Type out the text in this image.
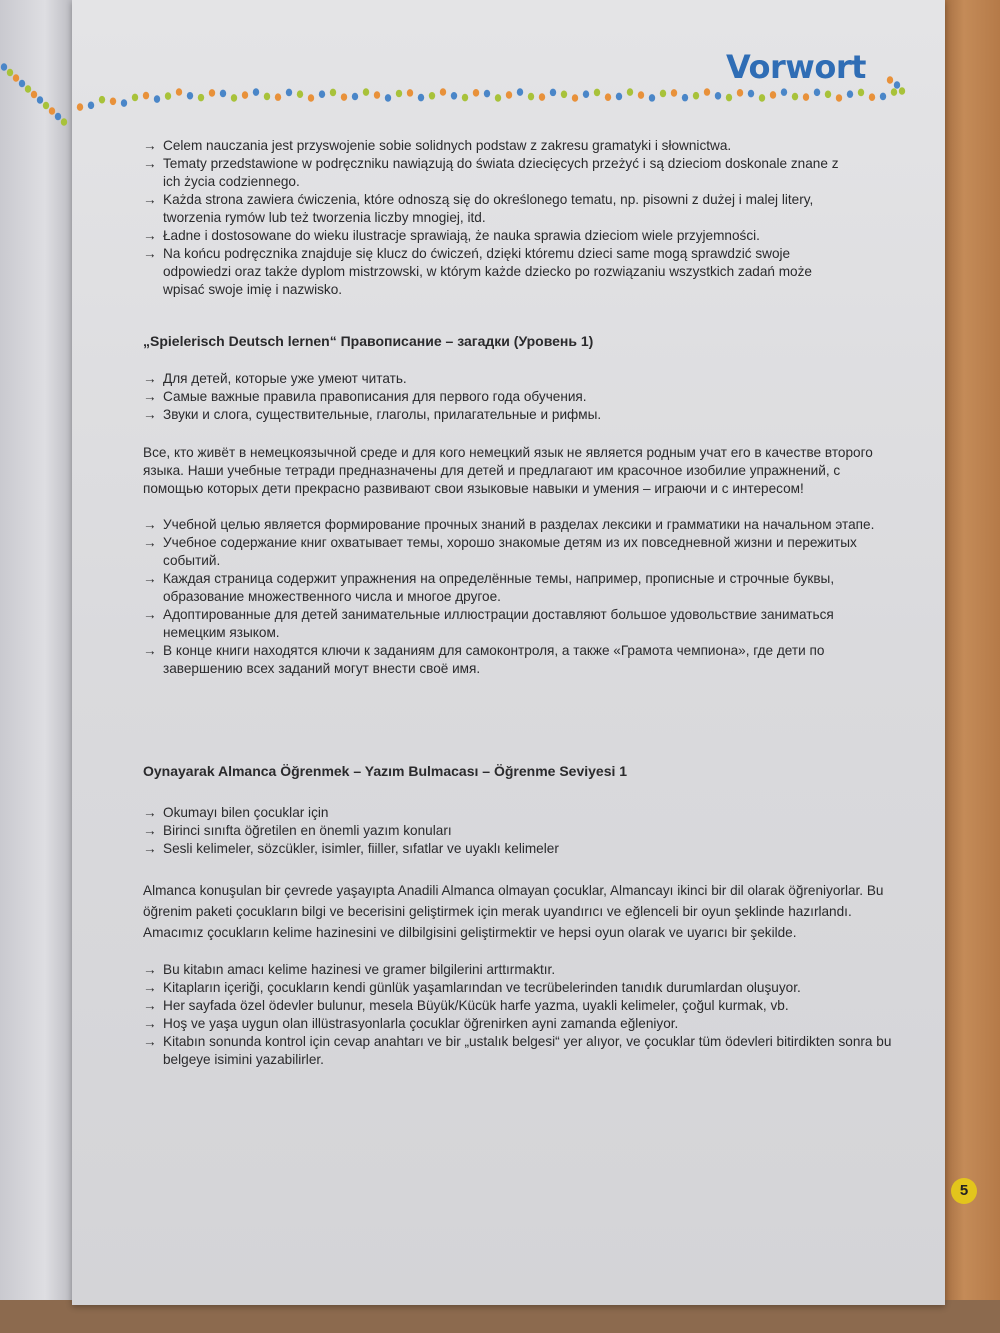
Vorwort
→ Celem nauczania jest przyswojenie sobie solidnych podstaw z zakresu gramatyki i słownictwa.
→ Tematy przedstawione w podręczniku nawiązują do świata dziecięcych przeżyć i są dzieciom doskonale znane z ich życia codziennego.
→ Każda strona zawiera ćwiczenia, które odnoszą się do określonego tematu, np. pisowni z dużej i malej litery, tworzenia rymów lub też tworzenia liczby mnogiej, itd.
→ Ładne i dostosowane do wieku ilustracje sprawiają, że nauka sprawia dzieciom wiele przyjemności.
→ Na końcu podręcznika znajduje się klucz do ćwiczeń, dzięki któremu dzieci same mogą sprawdzić swoje odpowiedzi oraz także dyplom mistrzowski, w którym każde dziecko po rozwiązaniu wszystkich zadań może wpisać swoje imię i nazwisko.
„Spielerisch Deutsch lernen“ Правописание – загадки (Уровень 1)
→ Для детей, которые уже умеют читать.
→ Самые важные правила правописания для первого года обучения.
→ Звуки и слога, существительные, глаголы, прилагательные и рифмы.

Все, кто живёт в немецкоязычной среде и для кого немецкий язык не является родным учат его в качестве второго языка. Наши учебные тетради предназначены для детей и предлагают им красочное изобилие упражнений, с помощью которых дети прекрасно развивают свои языковые навыки и умения – играючи и с интересом!

→ Учебной целью является формирование прочных знаний в разделах лексики и грамматики на начальном этапе.
→ Учебное содержание книг охватывает темы, хорошо знакомые детям из их повседневной жизни и пережитых событий.
→ Каждая страница содержит упражнения на определённые темы, например, прописные и строчные буквы, образование множественного числа и многое другое.
→ Адоптированные для детей занимательные иллюстрации доставляют большое удовольствие заниматься немецким языком.
→ В конце книги находятся ключи к заданиям для самоконтроля, а также «Грамота чемпиона», где дети по завершению всех заданий могут внести своё имя.
Oynayarak Almanca Öğrenmek – Yazım Bulmacası – Öğrenme Seviyesi 1
→ Okumayı bilen çocuklar için
→ Birinci sınıfta öğretilen en önemli yazım konuları
→ Sesli kelimeler, sözcükler, isimler, fiiller, sıfatlar ve uyaklı kelimeler

Almanca konuşulan bir çevrede yaşayıpta Anadili Almanca olmayan çocuklar, Almancayı ikinci bir dil olarak öğreniyorlar. Bu öğrenim paketi çocukların bilgi ve becerisini geliştirmek için merak uyandırıcı ve eğlenceli bir oyun şeklinde hazırlandı. Amacımız çocukların kelime hazinesini ve dilbilgisini geliştirmektir ve hepsi oyun olarak ve uyarıcı bir şekilde.

→ Bu kitabın amacı kelime hazinesi ve gramer bilgilerini arttırmaktır.
→ Kitapların içeriği, çocukların kendi günlük yaşamlarından ve tecrübelerinden tanıdık durumlardan oluşuyor.
→ Her sayfada özel ödevler bulunur, mesela Büyük/Kücük harfe yazma, uyakli kelimeler, çoğul kurmak, vb.
→ Hoş ve yaşa uygun olan illüstrasyonlarla çocuklar öğrenirken ayni zamanda eğleniyor.
→ Kitabın sonunda kontrol için cevap anahtarı ve bir „ustalık belgesi“ yer alıyor, ve çocuklar tüm ödevleri bitirdikten sonra bu belgeye isimini yazabilirler.
5
